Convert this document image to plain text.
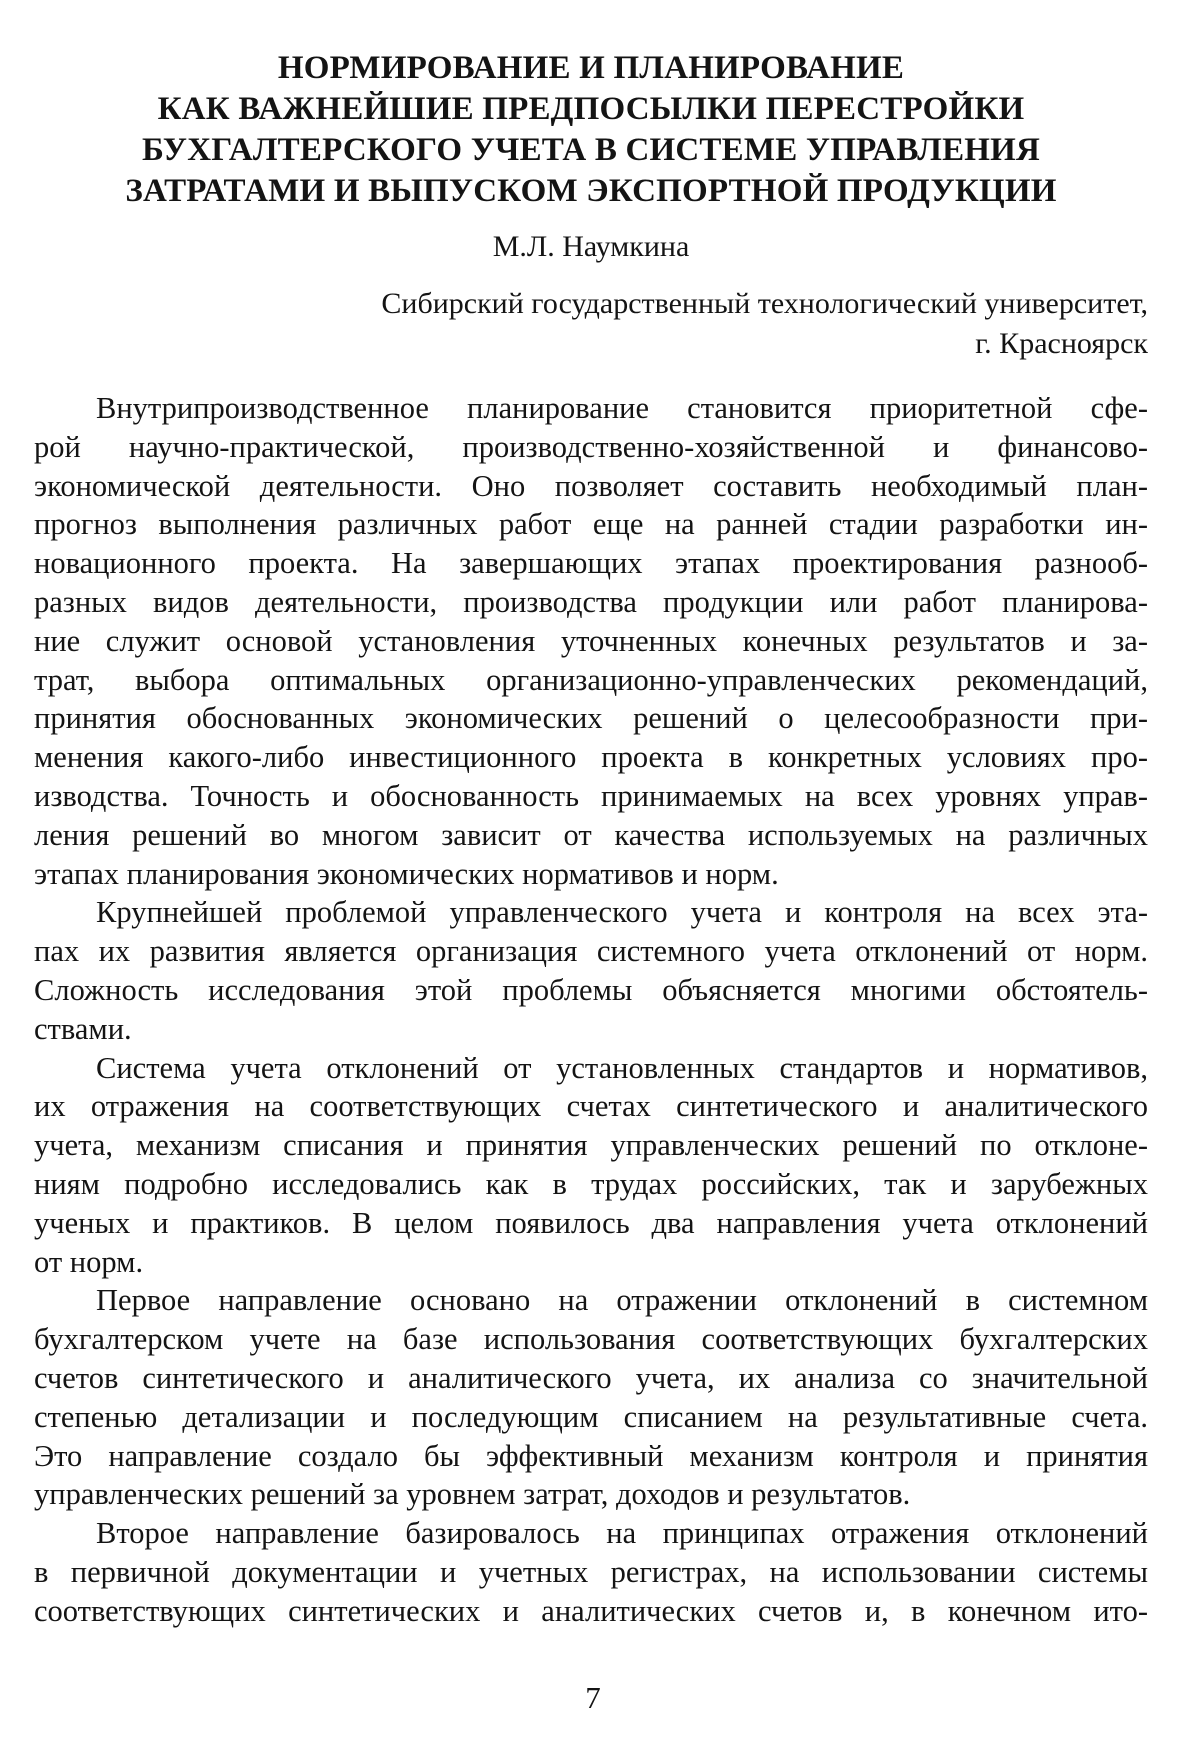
НОРМИРОВАНИЕ И ПЛАНИРОВАНИЕ
КАК ВАЖНЕЙШИЕ ПРЕДПОСЫЛКИ ПЕРЕСТРОЙКИ
БУХГАЛТЕРСКОГО УЧЕТА В СИСТЕМЕ УПРАВЛЕНИЯ
ЗАТРАТАМИ И ВЫПУСКОМ ЭКСПОРТНОЙ ПРОДУКЦИИ
М.Л. Наумкина
Сибирский государственный технологический университет,
г. Красноярск
Внутрипроизводственное планирование становится приоритетной сфе-
рой научно-практической, производственно-хозяйственной и финансово-
экономической деятельности. Оно позволяет составить необходимый план-
прогноз выполнения различных работ еще на ранней стадии разработки ин-
новационного проекта. На завершающих этапах проектирования разнооб-
разных видов деятельности, производства продукции или работ планирова-
ние служит основой установления уточненных конечных результатов и за-
трат, выбора оптимальных организационно-управленческих рекомендаций,
принятия обоснованных экономических решений о целесообразности при-
менения какого-либо инвестиционного проекта в конкретных условиях про-
изводства. Точность и обоснованность принимаемых на всех уровнях управ-
ления решений во многом зависит от качества используемых на различных
этапах планирования экономических нормативов и норм.
Крупнейшей проблемой управленческого учета и контроля на всех эта-
пах их развития является организация системного учета отклонений от норм.
Сложность исследования этой проблемы объясняется многими обстоятель-
ствами.
Система учета отклонений от установленных стандартов и нормативов,
их отражения на соответствующих счетах синтетического и аналитического
учета, механизм списания и принятия управленческих решений по отклоне-
ниям подробно исследовались как в трудах российских, так и зарубежных
ученых и практиков. В целом появилось два направления учета отклонений
от норм.
Первое направление основано на отражении отклонений в системном
бухгалтерском учете на базе использования соответствующих бухгалтерских
счетов синтетического и аналитического учета, их анализа со значительной
степенью детализации и последующим списанием на результативные счета.
Это направление создало бы эффективный механизм контроля и принятия
управленческих решений за уровнем затрат, доходов и результатов.
Второе направление базировалось на принципах отражения отклонений
в первичной документации и учетных регистрах, на использовании системы
соответствующих синтетических и аналитических счетов и, в конечном ито-
7
